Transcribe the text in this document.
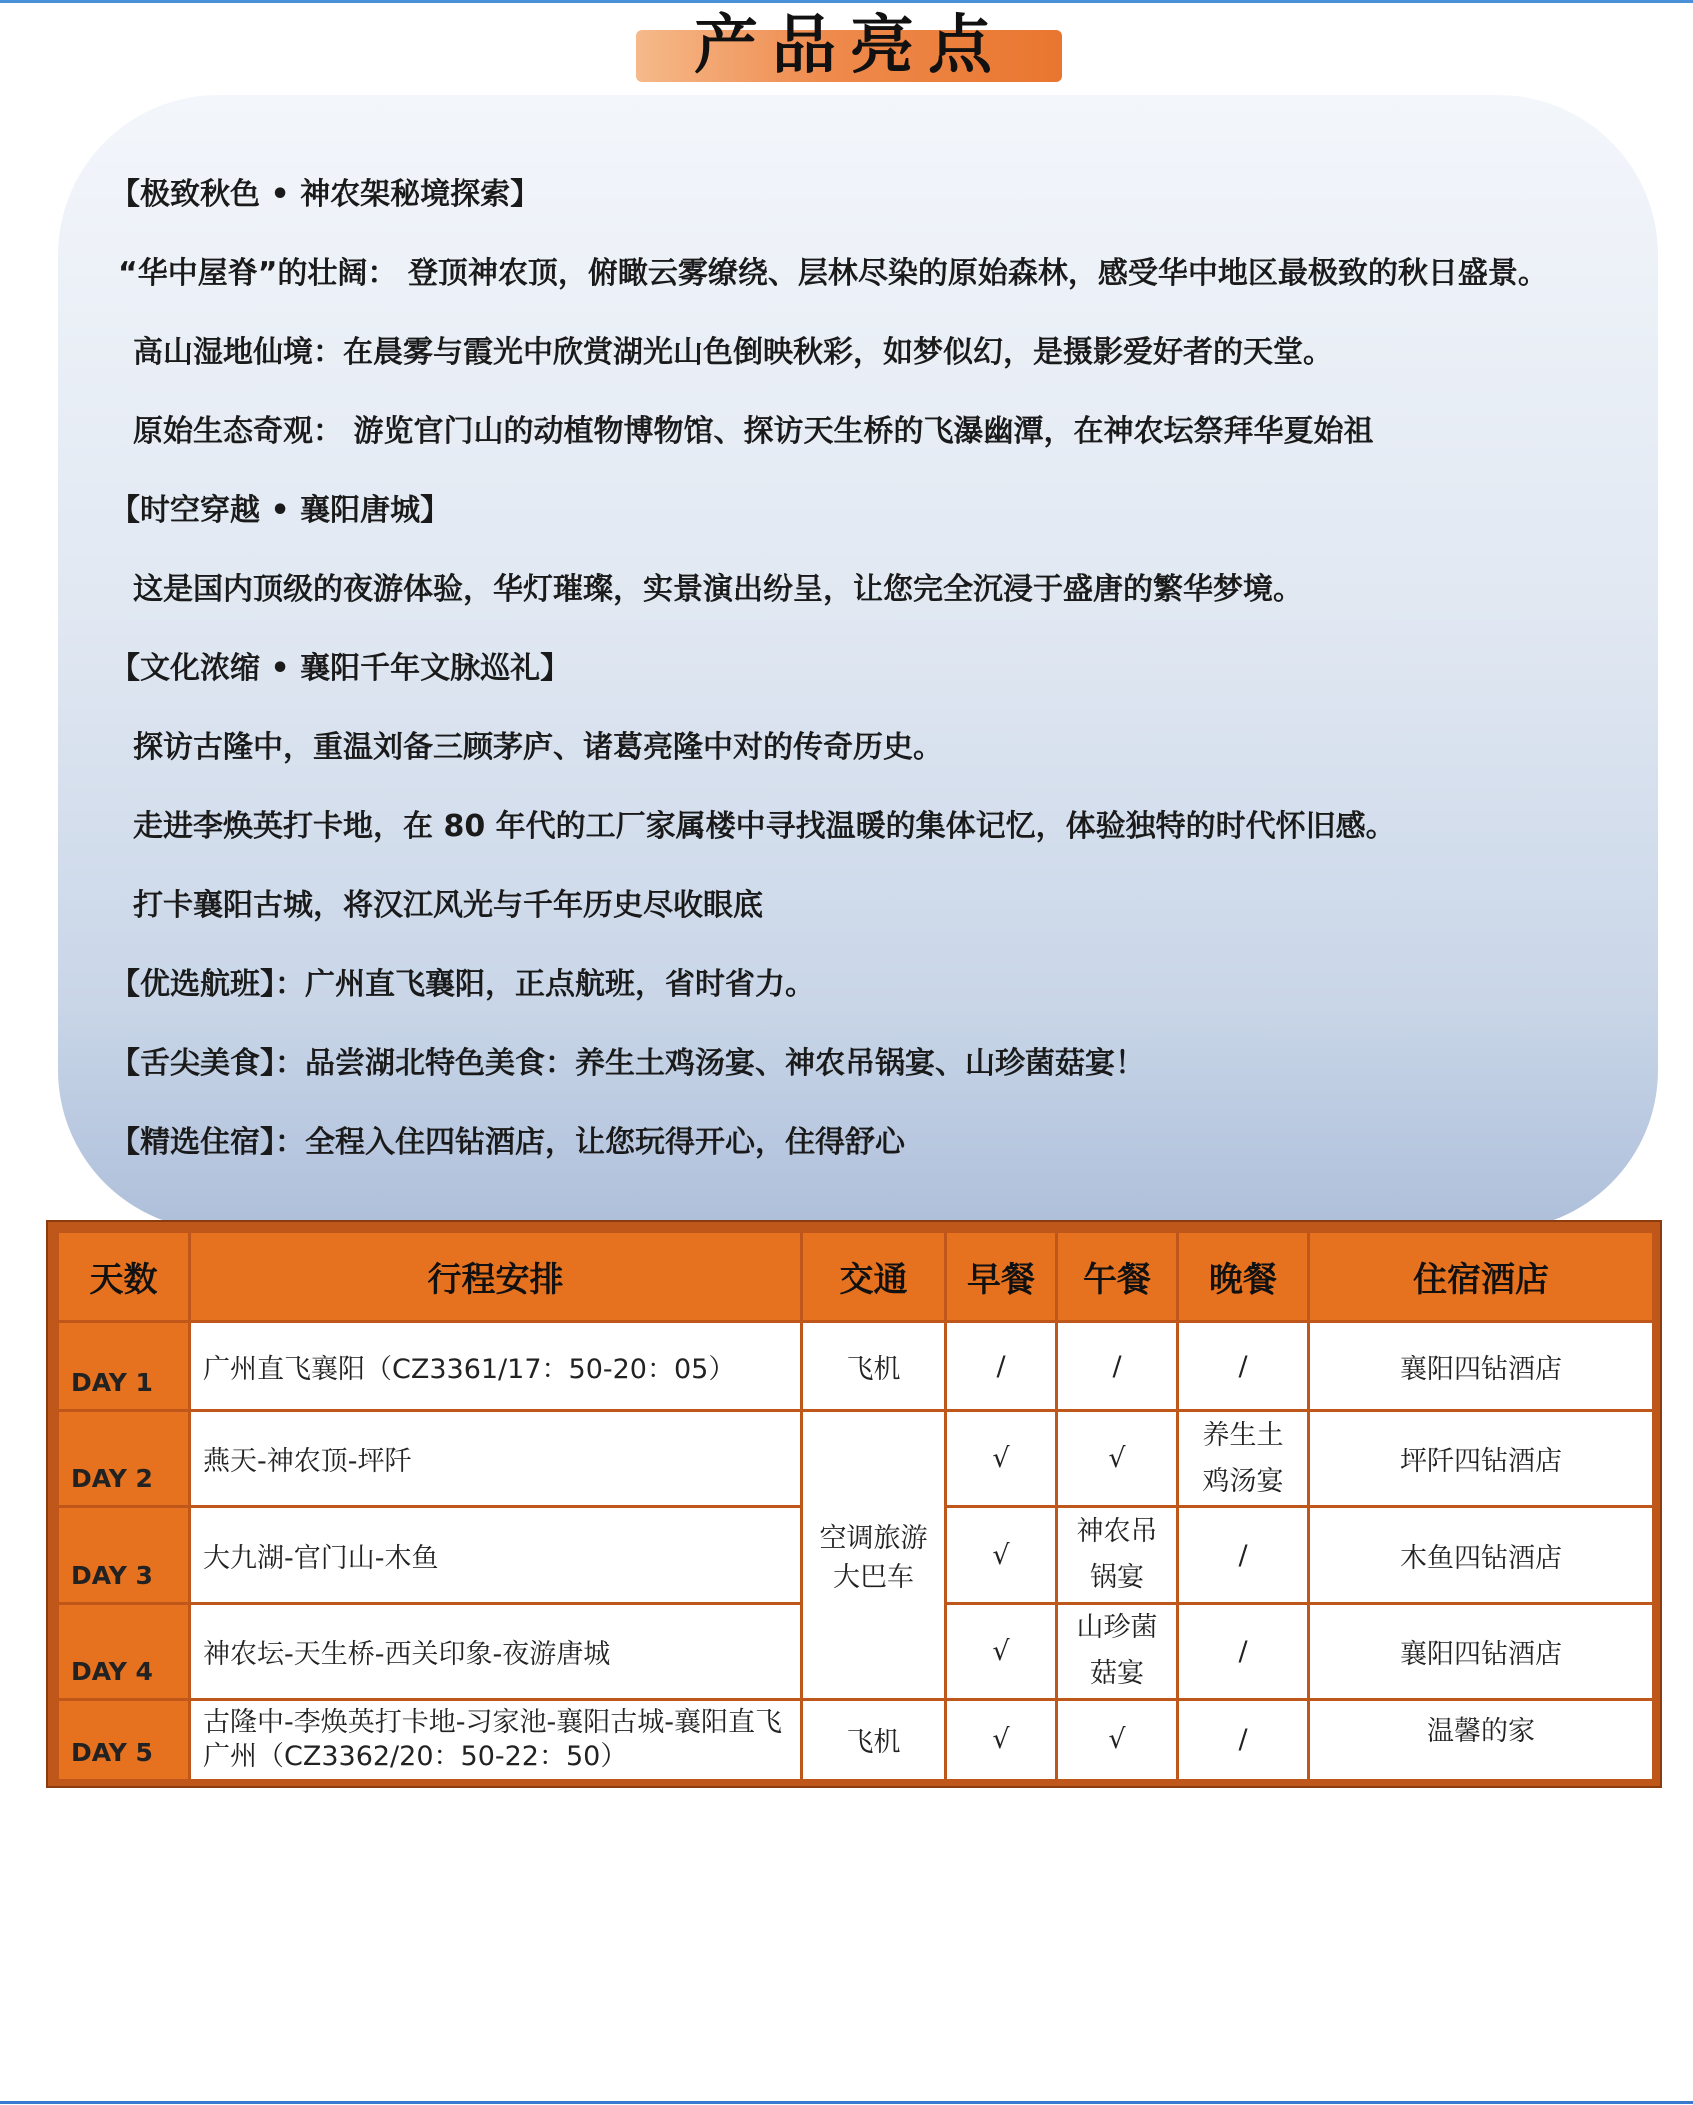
产品亮点
【极致秋色 • 神农架秘境探索】
“华中屋脊”的壮阔： 登顶神农顶，俯瞰云雾缭绕、层林尽染的原始森林，感受华中地区最极致的秋日盛景。
高山湿地仙境：在晨雾与霞光中欣赏湖光山色倒映秋彩，如梦似幻，是摄影爱好者的天堂。
原始生态奇观： 游览官门山的动植物博物馆、探访天生桥的飞瀑幽潭，在神农坛祭拜华夏始祖
【时空穿越 • 襄阳唐城】
这是国内顶级的夜游体验，华灯璀璨，实景演出纷呈，让您完全沉浸于盛唐的繁华梦境。
【文化浓缩 • 襄阳千年文脉巡礼】
探访古隆中，重温刘备三顾茅庐、诸葛亮隆中对的传奇历史。
走进李焕英打卡地，在 80 年代的工厂家属楼中寻找温暖的集体记忆，体验独特的时代怀旧感。
打卡襄阳古城，将汉江风光与千年历史尽收眼底
【优选航班】：广州直飞襄阳，正点航班，省时省力。
【舌尖美食】：品尝湖北特色美食：养生土鸡汤宴、神农吊锅宴、山珍菌菇宴！
【精选住宿】：全程入住四钻酒店，让您玩得开心，住得舒心
天数	行程安排	交通	早餐	午餐	晚餐	住宿酒店
DAY 1	广州直飞襄阳（CZ3361/17：50-20：05）	飞机	/	/	/	襄阳四钻酒店
DAY 2	燕天-神农顶-坪阡	空调旅游大巴车	√	√	养生土鸡汤宴	坪阡四钻酒店
DAY 3	大九湖-官门山-木鱼		√	神农吊锅宴	/	木鱼四钻酒店
DAY 4	神农坛-天生桥-西关印象-夜游唐城		√	山珍菌菇宴	/	襄阳四钻酒店
DAY 5	古隆中-李焕英打卡地-习家池-襄阳古城-襄阳直飞广州（CZ3362/20：50-22：50）	飞机	√	√	/	温馨的家
